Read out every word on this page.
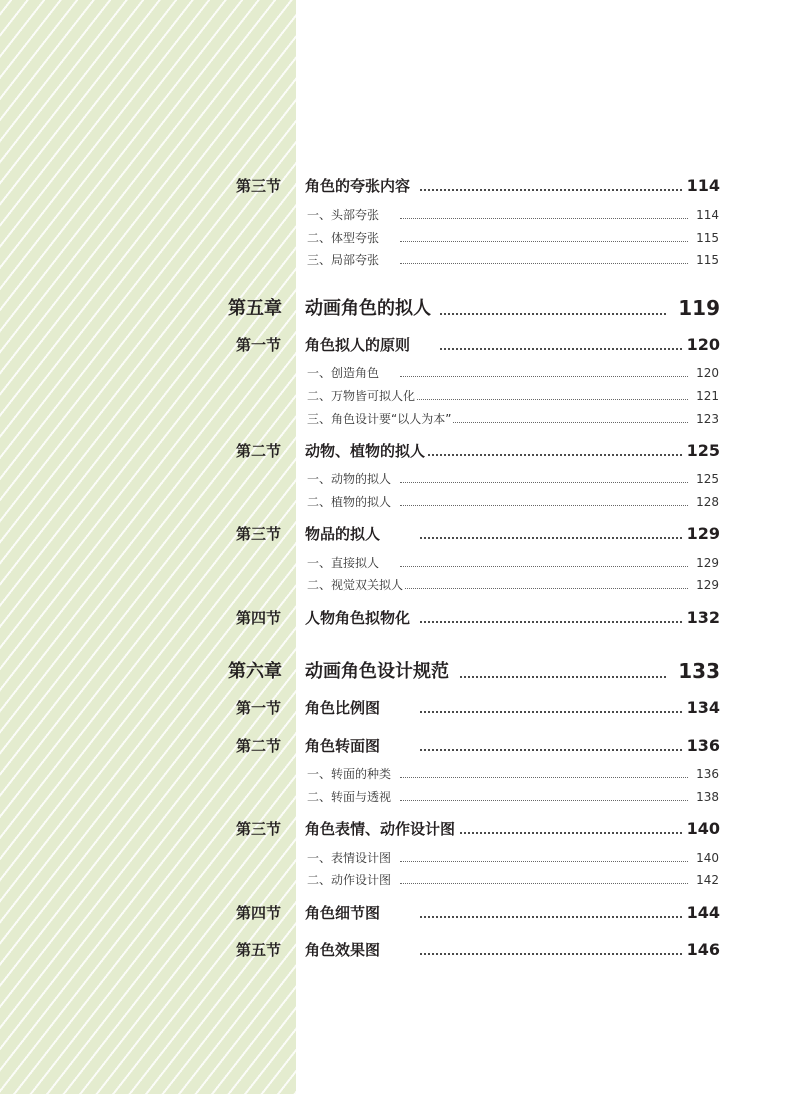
第三节 角色的夸张内容	114
一、头部夸张	114
二、体型夸张	115
三、局部夸张	115
第五章 动画角色的拟人	119
第一节 角色拟人的原则	120
一、创造角色	120
二、万物皆可拟人化	121
三、角色设计要“以人为本”	123
第二节 动物、植物的拟人	125
一、动物的拟人	125
二、植物的拟人	128
第三节 物品的拟人	129
一、直接拟人	129
二、视觉双关拟人	129
第四节 人物角色拟物化	132
第六章 动画角色设计规范	133
第一节 角色比例图	134
第二节 角色转面图	136
一、转面的种类	136
二、转面与透视	138
第三节 角色表情、动作设计图	140
一、表情设计图	140
二、动作设计图	142
第四节 角色细节图	144
第五节 角色效果图	146
